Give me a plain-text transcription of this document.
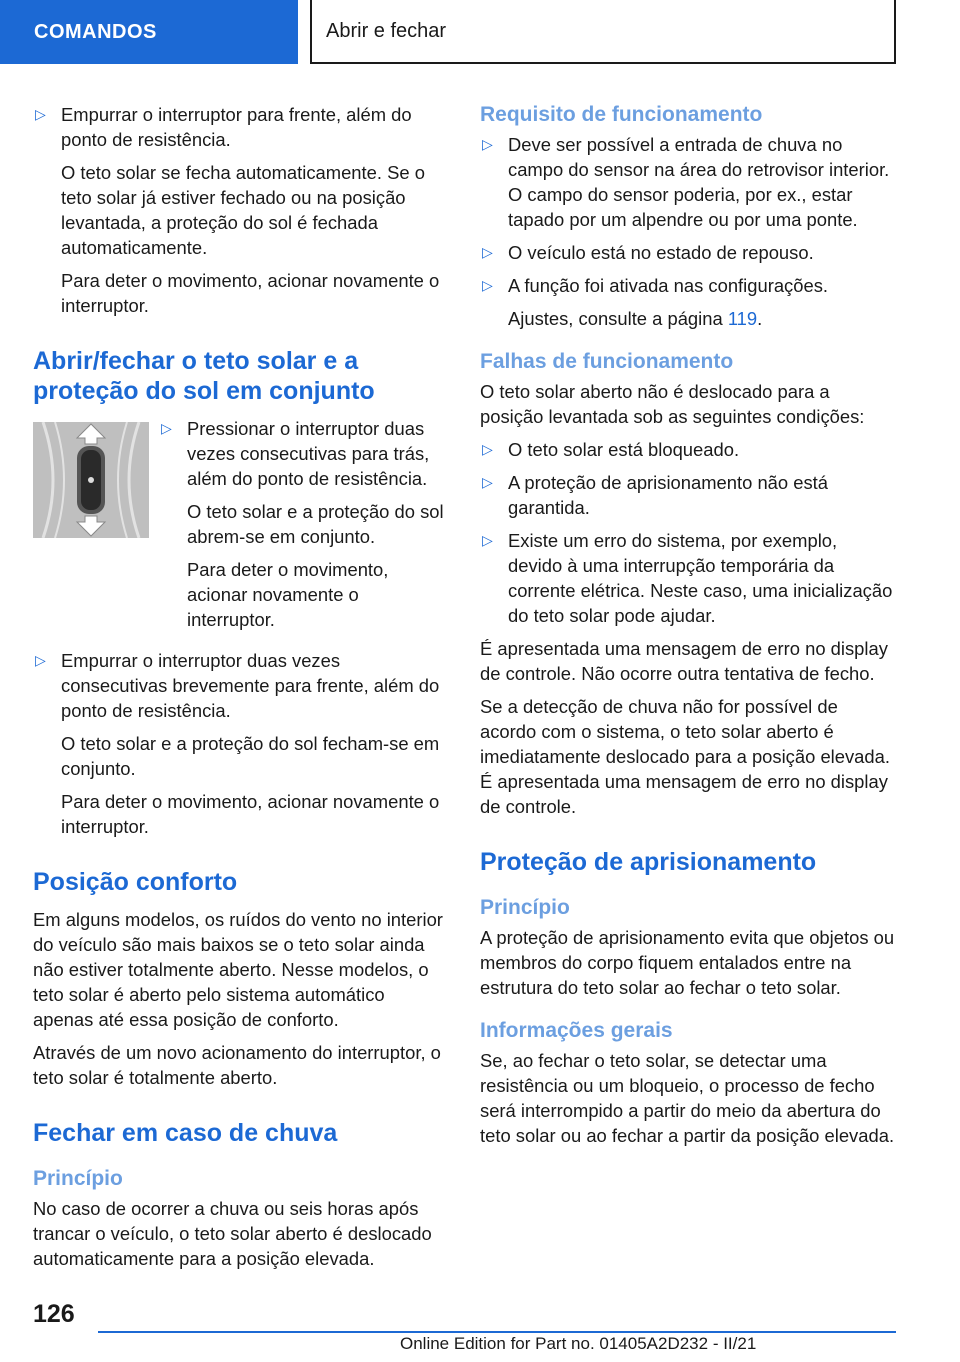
COMANDOS	Abrir e fechar
▷ Empurrar o interruptor para frente, além do ponto de resistência.

O teto solar se fecha automaticamente. Se o teto solar já estiver fechado ou na posição levantada, a proteção do sol é fechada automaticamente.

Para deter o movimento, acionar novamente o interruptor.

Abrir/fechar o teto solar e a proteção do sol em conjunto
▷ Pressionar o interruptor duas vezes consecutivas para trás, além do ponto de resistência.

O teto solar e a proteção do sol abrem-se em conjunto.

Para deter o movimento, acionar novamente o interruptor.

▷ Empurrar o interruptor duas vezes consecutivas brevemente para frente, além do ponto de resistência.

O teto solar e a proteção do sol fecham-se em conjunto.

Para deter o movimento, acionar novamente o interruptor.

Posição conforto

Em alguns modelos, os ruídos do vento no interior do veículo são mais baixos se o teto solar ainda não estiver totalmente aberto. Nesse modelos, o teto solar é aberto pelo sistema automático apenas até essa posição de conforto.

Através de um novo acionamento do interruptor, o teto solar é totalmente aberto.

Fechar em caso de chuva
Princípio

No caso de ocorrer a chuva ou seis horas após trancar o veículo, o teto solar aberto é deslocado automaticamente para a posição elevada.

Requisito de funcionamento
▷ Deve ser possível a entrada de chuva no campo do sensor na área do retrovisor interior. O campo do sensor poderia, por ex., estar tapado por um alpendre ou por uma ponte.
▷ O veículo está no estado de repouso.
▷ A função foi ativada nas configurações.

Ajustes, consulte a página 119.

Falhas de funcionamento

O teto solar aberto não é deslocado para a posição levantada sob as seguintes condições:

▷ O teto solar está bloqueado.
▷ A proteção de aprisionamento não está garantida.
▷ Existe um erro do sistema, por exemplo, devido à uma interrupção temporária da corrente elétrica. Neste caso, uma inicialização do teto solar pode ajudar.

É apresentada uma mensagem de erro no display de controle. Não ocorre outra tentativa de fecho.

Se a detecção de chuva não for possível de acordo com o sistema, o teto solar aberto é imediatamente deslocado para a posição elevada. É apresentada uma mensagem de erro no display de controle.

Proteção de aprisionamento
Princípio

A proteção de aprisionamento evita que objetos ou membros do corpo fiquem entalados entre na estrutura do teto solar ao fechar o teto solar.

Informações gerais

Se, ao fechar o teto solar, se detectar uma resistência ou um bloqueio, o processo de fecho será interrompido a partir do meio da abertura do teto solar ou ao fechar a partir da posição elevada.

126
Online Edition for Part no. 01405A2D232 - II/21
